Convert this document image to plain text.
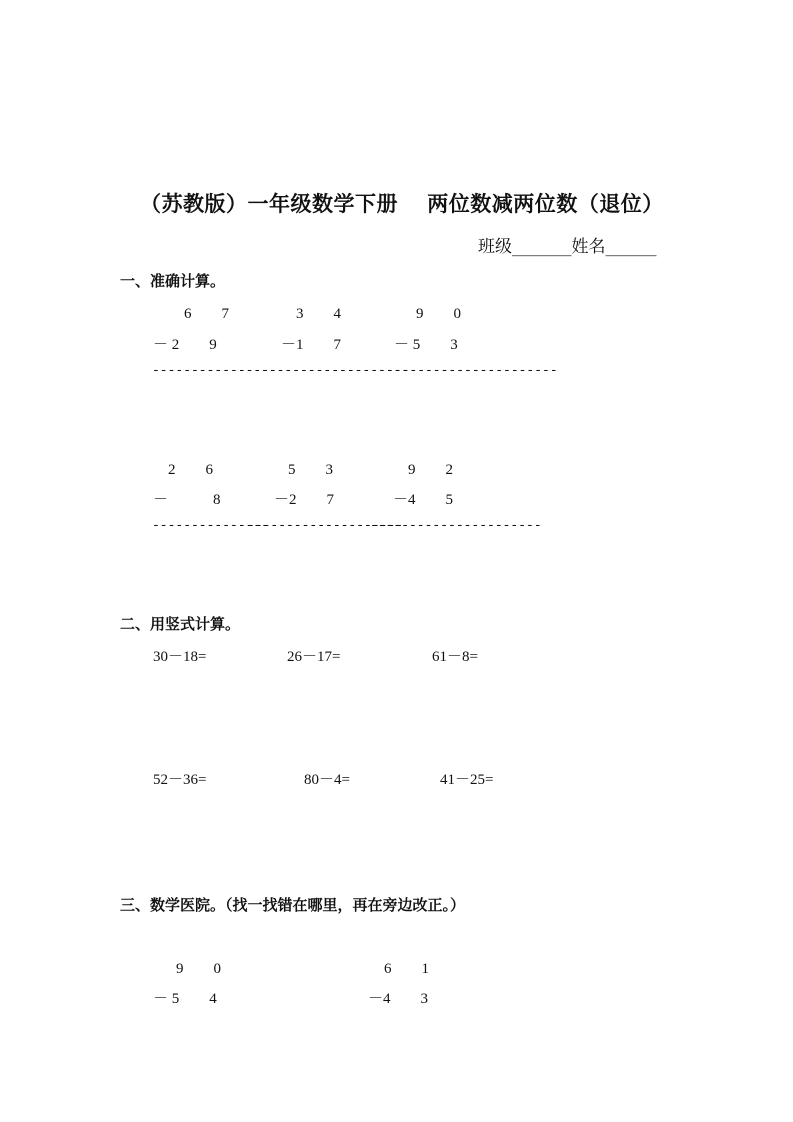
（苏教版）一年级数学下册　 两位数减两位数（退位）
班级_______姓名______
一、准确计算。
6　　7
－ 2　　9
----------------
3　　4
－1　　7
-------------------
9　　0
－ 5　　3
----------------------
2　　6
－　　　8
---------------
5　　3
－2　　7
--------------------
9　　2
－4　　5
----------------------
二、用竖式计算。
30－18=	26－17=	61－8=
52－36=	80－4=	41－25=
三、数学医院。（找一找错在哪里，再在旁边改正。）
9　　0
－ 5　　4
6　　1
－4　　3
